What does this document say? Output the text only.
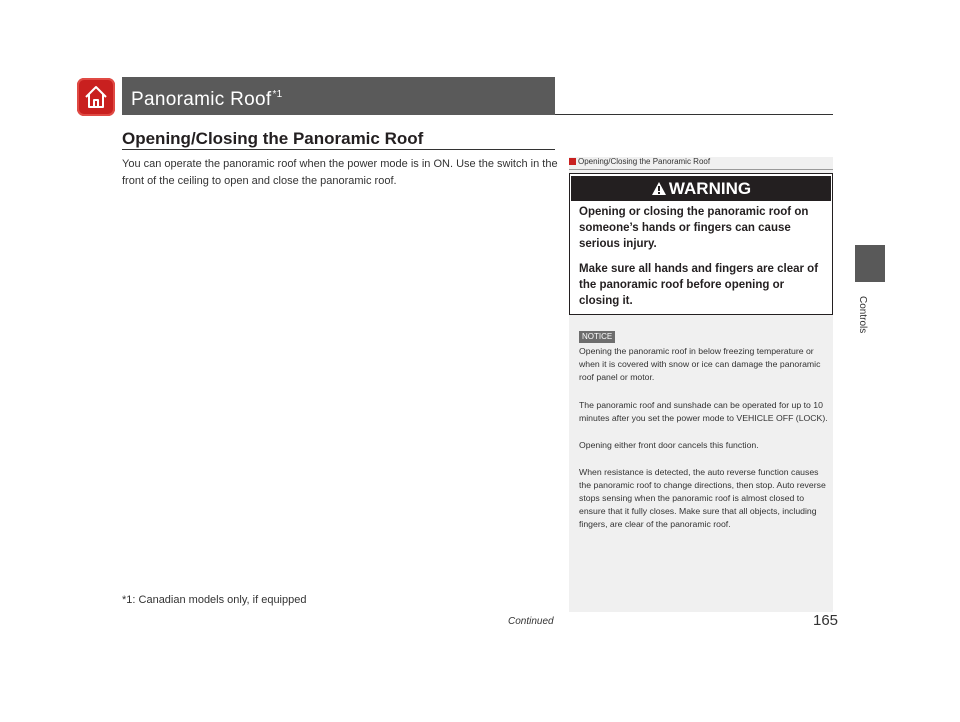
Panoramic Roof$^{*1}$
Opening/Closing the Panoramic Roof
You can operate the panoramic roof when the power mode is in ON. Use the switch in the front of the ceiling to open and close the panoramic roof.
*1: Canadian models only, if equipped
Continued	165
Controls
Opening/Closing the Panoramic Roof
WARNING
Opening or closing the panoramic roof on someone’s hands or fingers can cause serious injury.
Make sure all hands and fingers are clear of the panoramic roof before opening or closing it.
NOTICE
Opening the panoramic roof in below freezing temperature or when it is covered with snow or ice can damage the panoramic roof panel or motor.
The panoramic roof and sunshade can be operated for up to 10 minutes after you set the power mode to VEHICLE OFF (LOCK).
Opening either front door cancels this function.
When resistance is detected, the auto reverse function causes the panoramic roof to change directions, then stop. Auto reverse stops sensing when the panoramic roof is almost closed to ensure that it fully closes. Make sure that all objects, including fingers, are clear of the panoramic roof.
